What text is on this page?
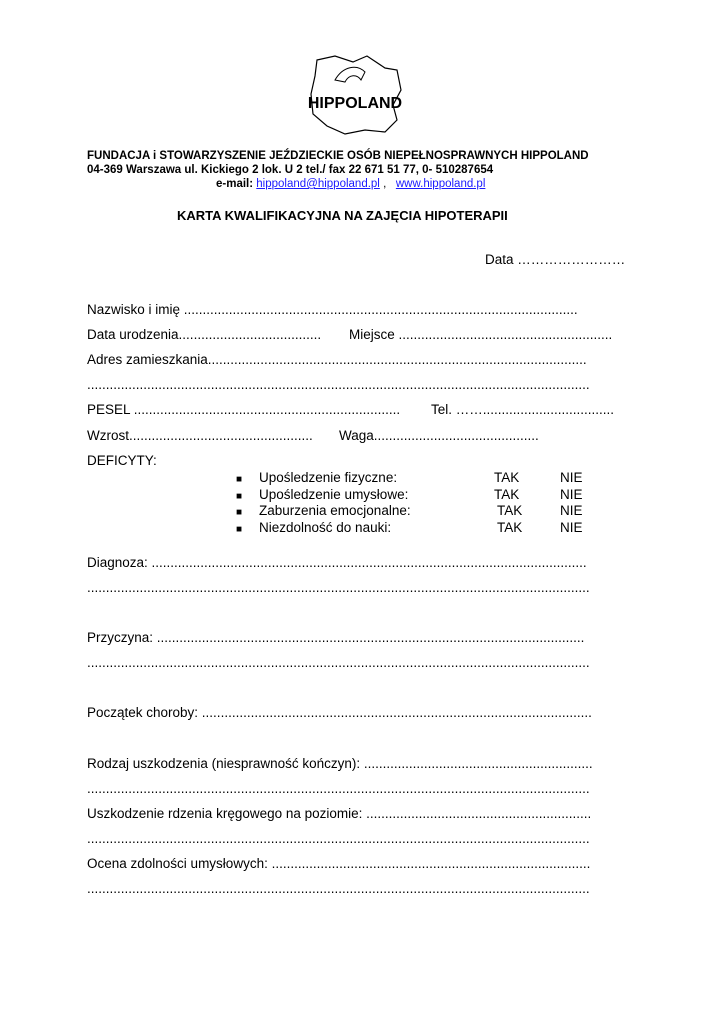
HIPPOLAND
FUNDACJA i STOWARZYSZENIE JEŹDZIECKIE OSÓB NIEPEŁNOSPRAWNYCH HIPPOLAND
04-369 Warszawa ul. Kickiego 2 lok. U 2 tel./ fax 22 671 51 77, 0- 510287654
e-mail: hippoland@hippoland.pl , www.hippoland.pl
KARTA KWALIFIKACYJNA NA ZAJĘCIA HIPOTERAPII
Data ……………………
Nazwisko i imię .........................................................................................................
Data urodzenia...................................... Miejsce .........................................................
Adres zamieszkania.....................................................................................................
......................................................................................................................................
PESEL ....................................................................... Tel. ……...................................
Wzrost................................................. Waga............................................
DEFICYTY:
■ Upośledzenie fizyczne:	TAK	NIE
■ Upośledzenie umysłowe:	TAK	NIE
■ Zaburzenia emocjonalne:	TAK	NIE
■ Niezdolność do nauki:	TAK	NIE
Diagnoza: ....................................................................................................................
......................................................................................................................................
Przyczyna: ..................................................................................................................
......................................................................................................................................
Początek choroby: ........................................................................................................
Rodzaj uszkodzenia (niesprawność kończyn): .............................................................
......................................................................................................................................
Uszkodzenie rdzenia kręgowego na poziomie: ............................................................
......................................................................................................................................
Ocena zdolności umysłowych: .....................................................................................
......................................................................................................................................
